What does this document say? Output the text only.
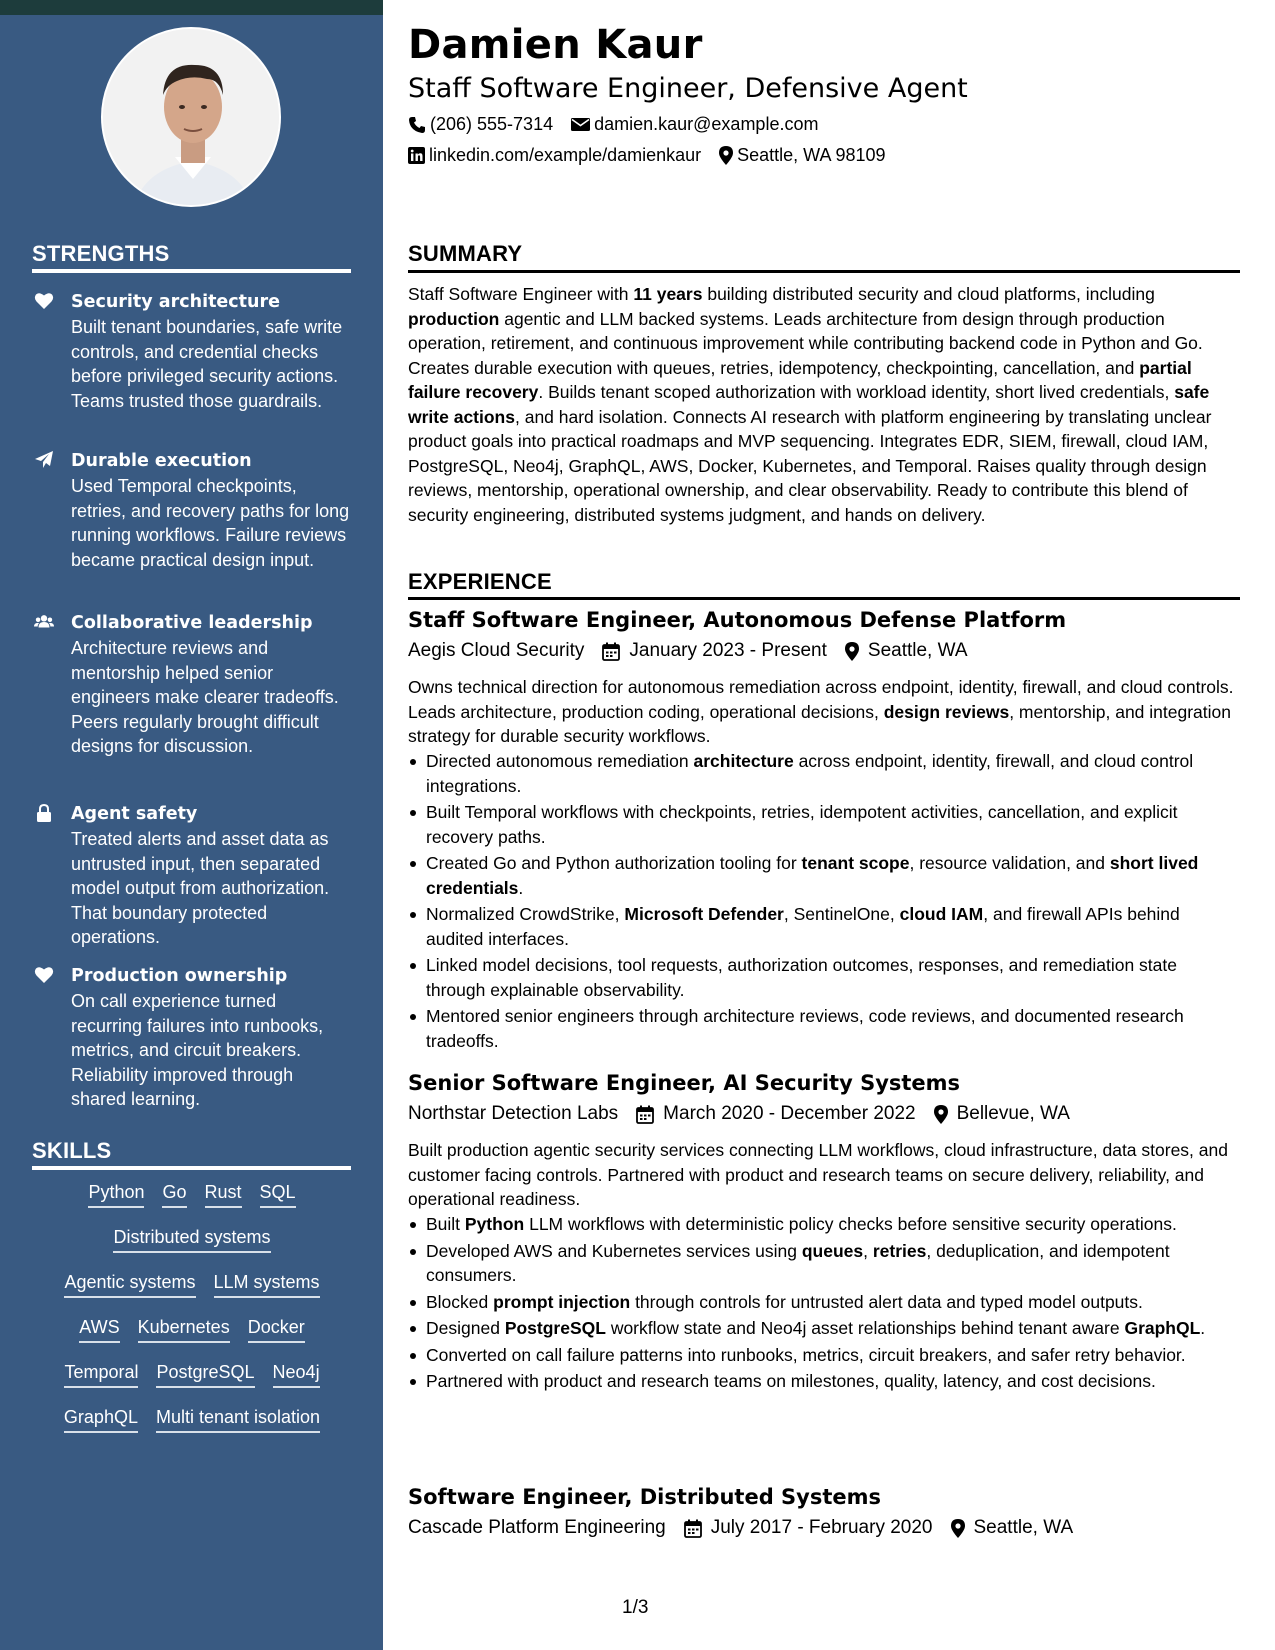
STRENGTHS
Security architecture
Built tenant boundaries, safe write controls, and credential checks before privileged security actions. Teams trusted those guardrails.
Durable execution
Used Temporal checkpoints, retries, and recovery paths for long running workflows. Failure reviews became practical design input.
Collaborative leadership
Architecture reviews and mentorship helped senior engineers make clearer tradeoffs. Peers regularly brought difficult designs for discussion.
Agent safety
Treated alerts and asset data as untrusted input, then separated model output from authorization. That boundary protected operations.
Production ownership
On call experience turned recurring failures into runbooks, metrics, and circuit breakers. Reliability improved through shared learning.
SKILLS
Python Go Rust SQL
Distributed systems
Agentic systems LLM systems
AWS Kubernetes Docker
Temporal PostgreSQL Neo4j
GraphQL Multi tenant isolation
Damien Kaur
Staff Software Engineer, Defensive Agent
(206) 555-7314 damien.kaur@example.com
linkedin.com/example/damienkaur Seattle, WA 98109
SUMMARY
Staff Software Engineer with 11 years building distributed security and cloud platforms, including production agentic and LLM backed systems. Leads architecture from design through production operation, retirement, and continuous improvement while contributing backend code in Python and Go. Creates durable execution with queues, retries, idempotency, checkpointing, cancellation, and partial failure recovery. Builds tenant scoped authorization with workload identity, short lived credentials, safe write actions, and hard isolation. Connects AI research with platform engineering by translating unclear product goals into practical roadmaps and MVP sequencing. Integrates EDR, SIEM, firewall, cloud IAM, PostgreSQL, Neo4j, GraphQL, AWS, Docker, Kubernetes, and Temporal. Raises quality through design reviews, mentorship, operational ownership, and clear observability. Ready to contribute this blend of security engineering, distributed systems judgment, and hands on delivery.
EXPERIENCE
Staff Software Engineer, Autonomous Defense Platform
Aegis Cloud Security January 2023 - Present Seattle, WA
Owns technical direction for autonomous remediation across endpoint, identity, firewall, and cloud controls. Leads architecture, production coding, operational decisions, design reviews, mentorship, and integration strategy for durable security workflows.
Directed autonomous remediation architecture across endpoint, identity, firewall, and cloud control integrations.
Built Temporal workflows with checkpoints, retries, idempotent activities, cancellation, and explicit recovery paths.
Created Go and Python authorization tooling for tenant scope, resource validation, and short lived credentials.
Normalized CrowdStrike, Microsoft Defender, SentinelOne, cloud IAM, and firewall APIs behind audited interfaces.
Linked model decisions, tool requests, authorization outcomes, responses, and remediation state through explainable observability.
Mentored senior engineers through architecture reviews, code reviews, and documented research tradeoffs.
Senior Software Engineer, AI Security Systems
Northstar Detection Labs March 2020 - December 2022 Bellevue, WA
Built production agentic security services connecting LLM workflows, cloud infrastructure, data stores, and customer facing controls. Partnered with product and research teams on secure delivery, reliability, and operational readiness.
Built Python LLM workflows with deterministic policy checks before sensitive security operations.
Developed AWS and Kubernetes services using queues, retries, deduplication, and idempotent consumers.
Blocked prompt injection through controls for untrusted alert data and typed model outputs.
Designed PostgreSQL workflow state and Neo4j asset relationships behind tenant aware GraphQL.
Converted on call failure patterns into runbooks, metrics, circuit breakers, and safer retry behavior.
Partnered with product and research teams on milestones, quality, latency, and cost decisions.
Software Engineer, Distributed Systems
Cascade Platform Engineering July 2017 - February 2020 Seattle, WA
1/3
